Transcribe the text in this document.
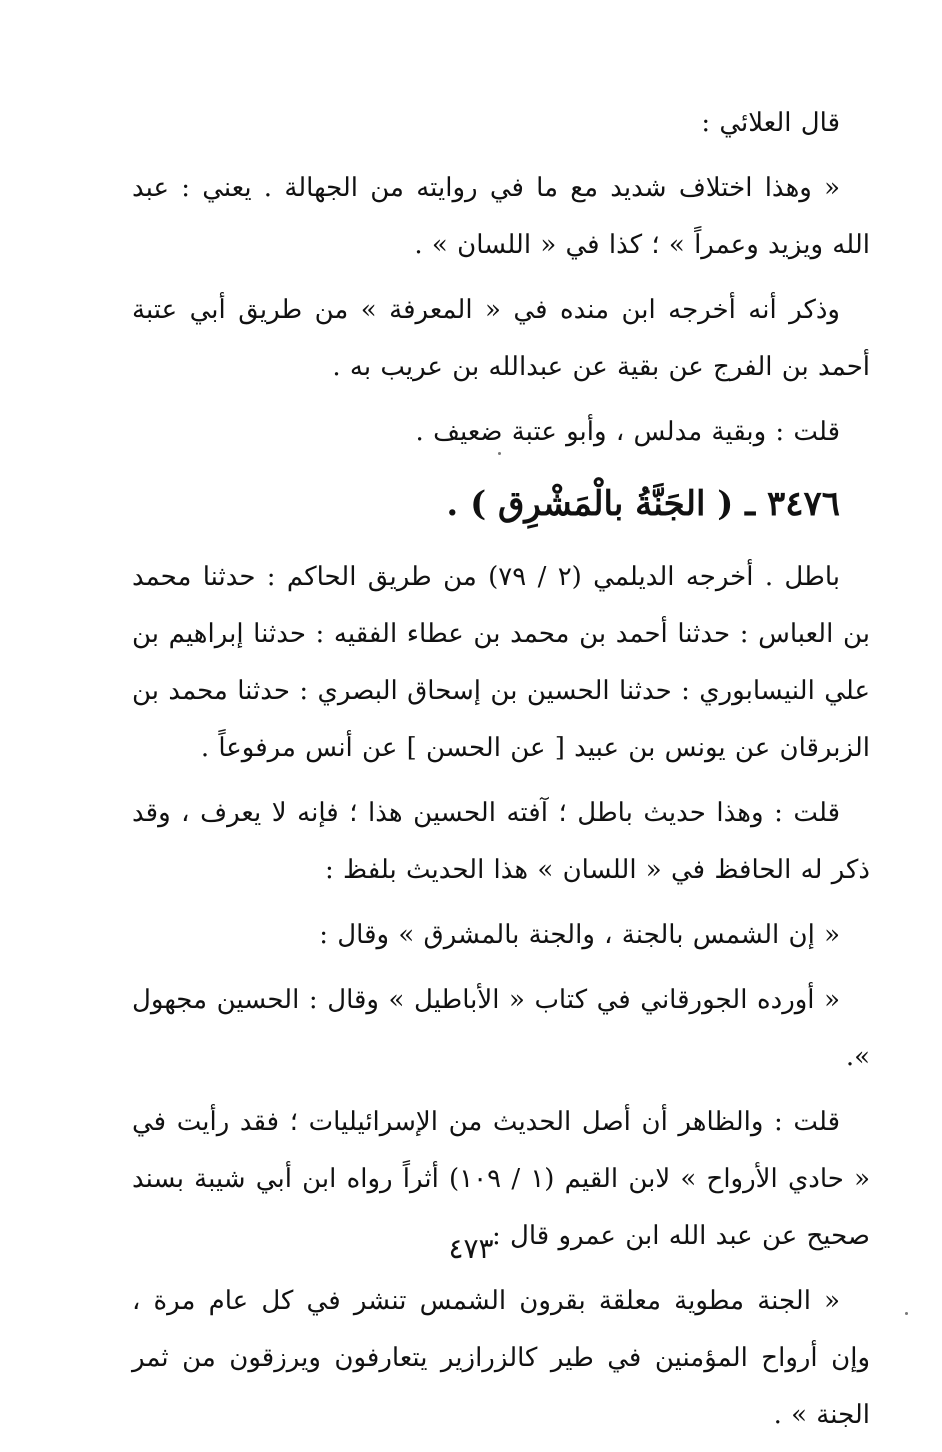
قال العلائي :

« وهذا اختلاف شديد مع ما في روايته من الجهالة . يعني : عبد الله ويزيد وعمراً » ؛ كذا في « اللسان » .

وذكر أنه أخرجه ابن منده في « المعرفة » من طريق أبي عتبة أحمد بن الفرج عن بقية عن عبدالله بن عريب به .

قلت : وبقية مدلس ، وأبو عتبة ضعيف .

٣٤٧٦ ـ ( الجَنَّةُ بالْمَشْرِق ) .

باطل . أخرجه الديلمي (٢ / ٧٩) من طريق الحاكم : حدثنا محمد بن العباس : حدثنا أحمد بن محمد بن عطاء الفقيه : حدثنا إبراهيم بن علي النيسابوري : حدثنا الحسين بن إسحاق البصري : حدثنا محمد بن الزبرقان عن يونس بن عبيد [ عن الحسن ] عن أنس مرفوعاً .

قلت : وهذا حديث باطل ؛ آفته الحسين هذا ؛ فإنه لا يعرف ، وقد ذكر له الحافظ في « اللسان » هذا الحديث بلفظ :

« إن الشمس بالجنة ، والجنة بالمشرق » وقال :

« أورده الجورقاني في كتاب « الأباطيل » وقال : الحسين مجهول ».

قلت : والظاهر أن أصل الحديث من الإسرائيليات ؛ فقد رأيت في « حادي الأرواح » لابن القيم (١ / ١٠٩) أثراً رواه ابن أبي شيبة بسند صحيح عن عبد الله ابن عمرو قال :

« الجنة مطوية معلقة بقرون الشمس تنشر في كل عام مرة ، وإن أرواح المؤمنين في طير كالزرازير يتعارفون ويرزقون من ثمر الجنة » .

٤٧٣
